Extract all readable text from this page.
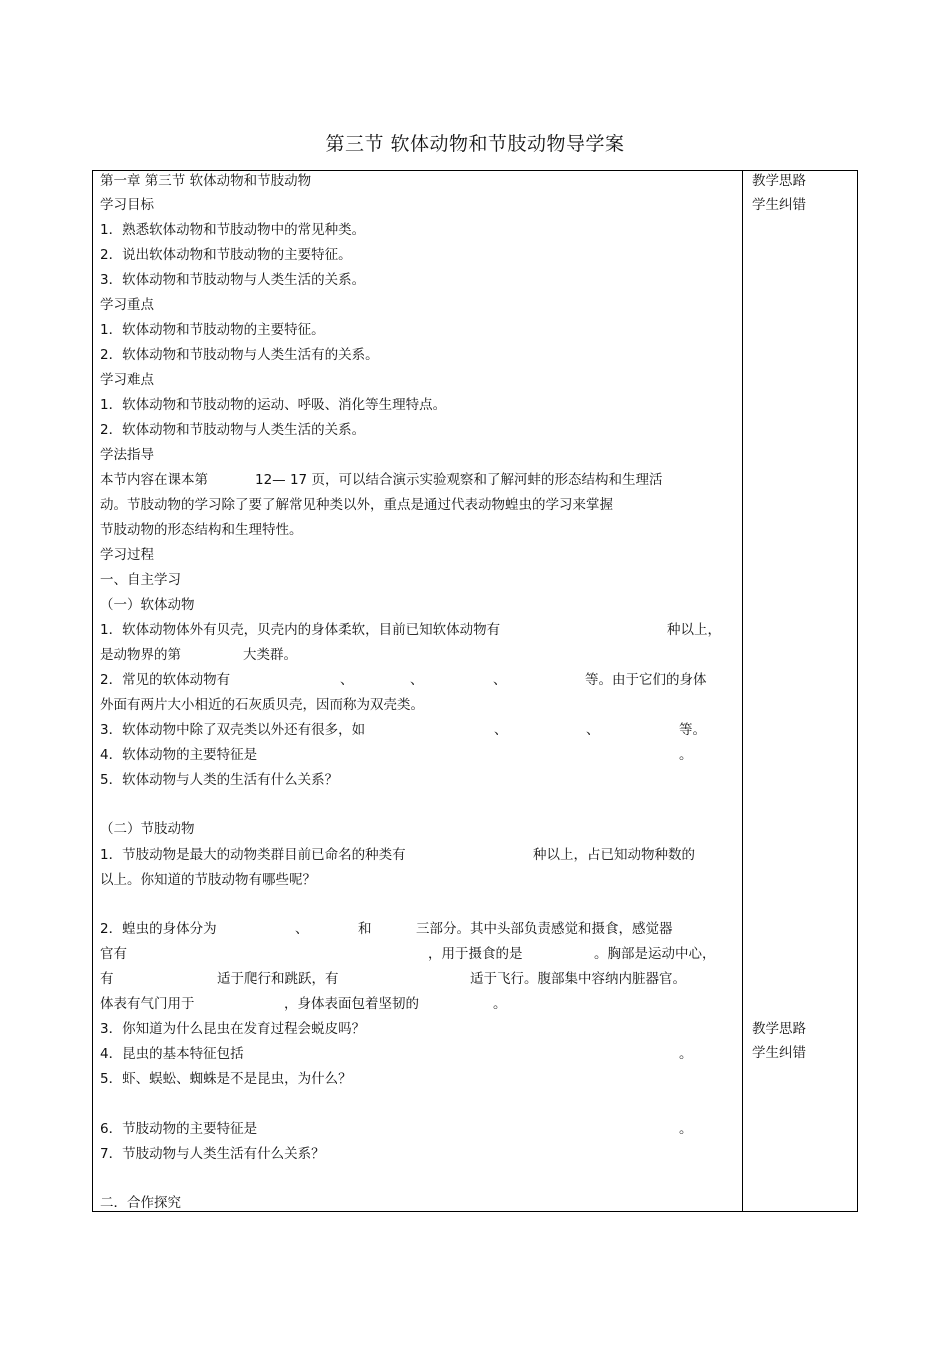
第三节 软体动物和节肢动物导学案
教学思路
学生纠错
教学思路
学生纠错
第一章 第三节 软体动物和节肢动物
学习目标
1．熟悉软体动物和节肢动物中的常见种类。
2．说出软体动物和节肢动物的主要特征。
3．软体动物和节肢动物与人类生活的关系。
学习重点
1．软体动物和节肢动物的主要特征。
2．软体动物和节肢动物与人类生活有的关系。
学习难点
1．软体动物和节肢动物的运动、呼吸、消化等生理特点。
2．软体动物和节肢动物与人类生活的关系。
学法指导
本节内容在课本第	12— 17 页，可以结合演示实验观察和了解河蚌的形态结构和生理活
动。节肢动物的学习除了要了解常见种类以外，重点是通过代表动物蝗虫的学习来掌握
节肢动物的形态结构和生理特性。
学习过程
一、自主学习
（一）软体动物
1．软体动物体外有贝壳，贝壳内的身体柔软，目前已知软体动物有	种以上，
是动物界的第	大类群。
2．常见的软体动物有	、	、	、	等。由于它们的身体
外面有两片大小相近的石灰质贝壳，因而称为双壳类。
3．软体动物中除了双壳类以外还有很多，如	、	、	等。
4．软体动物的主要特征是	。
5．软体动物与人类的生活有什么关系？
（二）节肢动物
1．节肢动物是最大的动物类群目前已命名的种类有	种以上，占已知动物种数的
以上。你知道的节肢动物有哪些呢？
2．蝗虫的身体分为	、	和	三部分。其中头部负责感觉和摄食，感觉器
官有	，用于摄食的是	。胸部是运动中心，
有	适于爬行和跳跃，有	适于飞行。腹部集中容纳内脏器官。
体表有气门用于	，身体表面包着坚韧的	。
3．你知道为什么昆虫在发育过程会蜕皮吗？
4．昆虫的基本特征包括	。
5．虾、蜈蚣、蜘蛛是不是昆虫，为什么？
6．节肢动物的主要特征是	。
7．节肢动物与人类生活有什么关系？
二．合作探究
